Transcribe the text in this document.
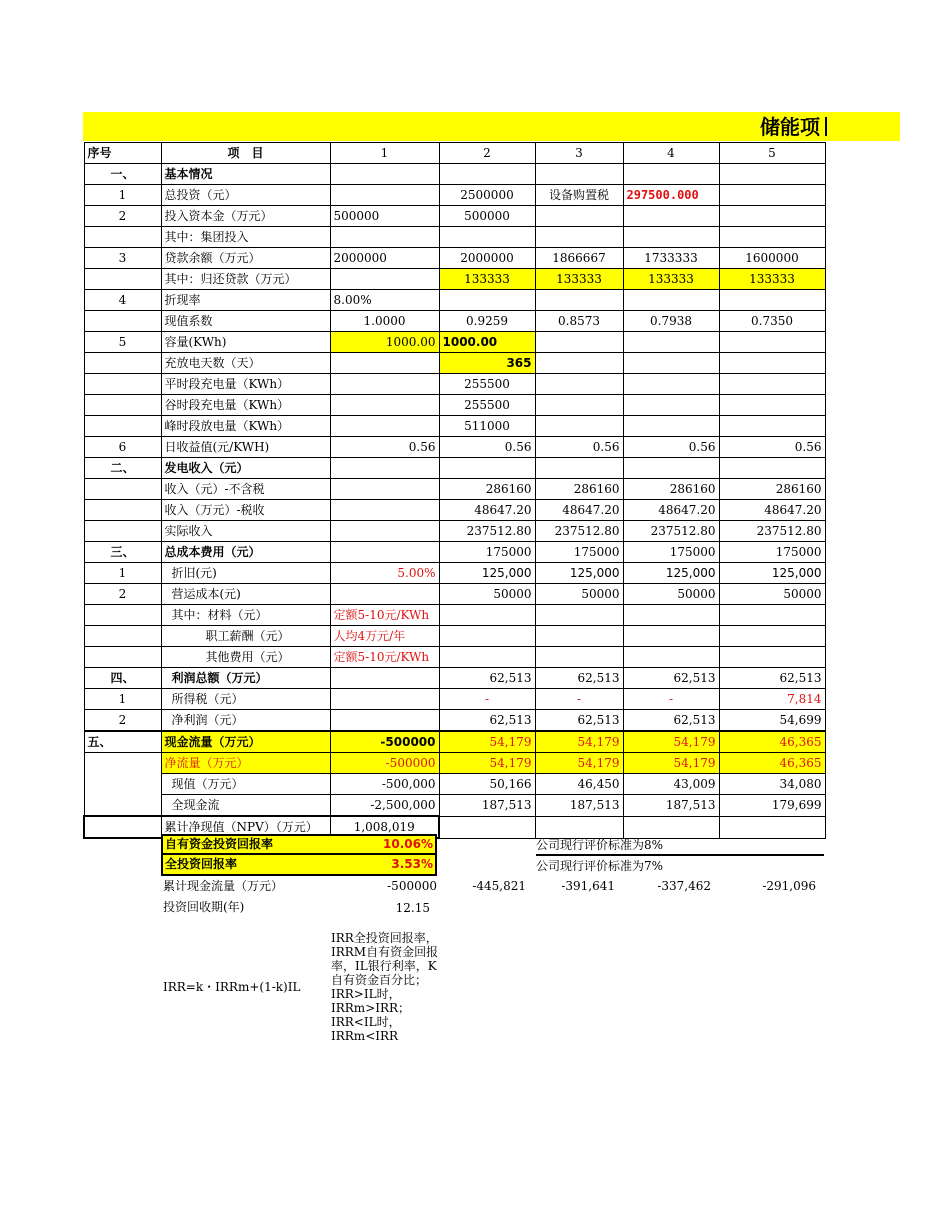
储能项
序号	项　目	1	2	3	4	5
一、	基本情况					
1	总投资（元）		2500000	设备购置税	297500.000	
2	投入资本金（万元）	500000	500000			
	其中：集团投入					
3	贷款余额（万元）	2000000	2000000	1866667	1733333	1600000
	其中：归还贷款（万元）		133333	133333	133333	133333
4	折现率	8.00%				
	现值系数	1.0000	0.9259	0.8573	0.7938	0.7350
5	容量(KWh)	1000.00	1000.00			
	充放电天数（天）		365			
	平时段充电量（KWh）		255500			
	谷时段充电量（KWh）		255500			
	峰时段放电量（KWh）		511000			
6	日收益值(元/KWH)	0.56	0.56	0.56	0.56	0.56
二、	发电收入（元）					
	收入（元）-不含税		286160	286160	286160	286160
	收入（万元）-税收		48647.20	48647.20	48647.20	48647.20
	实际收入		237512.80	237512.80	237512.80	237512.80
三、	总成本费用（元）		175000	175000	175000	175000
1	折旧(元)	5.00%	125,000	125,000	125,000	125,000
2	营运成本(元)		50000	50000	50000	50000
	其中：材料（元）	定额5-10元/KWh				
	职工薪酬（元）	人均4万元/年				
	其他费用（元）	定额5-10元/KWh				
四、	利润总额（万元）		62,513	62,513	62,513	62,513
1	所得税（元）		-	-	-	7,814
2	净利润（元）		62,513	62,513	62,513	54,699
五、	现金流量（万元）	-500000	54,179	54,179	54,179	46,365
	净流量（万元）	-500000	54,179	54,179	54,179	46,365
	现值（万元）	-500,000	50,166	46,450	43,009	34,080
	全现金流	-2,500,000	187,513	187,513	187,513	179,699
	累计净现值（NPV）（万元）	1,008,019				
自有资金投资回报率	10.06%
全投资回报率	3.53%
公司现行评价标准为8%
公司现行评价标准为7%
累计现金流量（万元）	-500000	-445,821	-391,641	-337,462	-291,096
投资回收期(年)	12.15
IRR=k・IRRm+(1-k)IL
IRR全投资回报率，IRRM自有资金回报率，IL银行利率，K自有资金百分比；IRR>IL时，IRRm>IRR；IRR<IL时，IRRm<IRR
